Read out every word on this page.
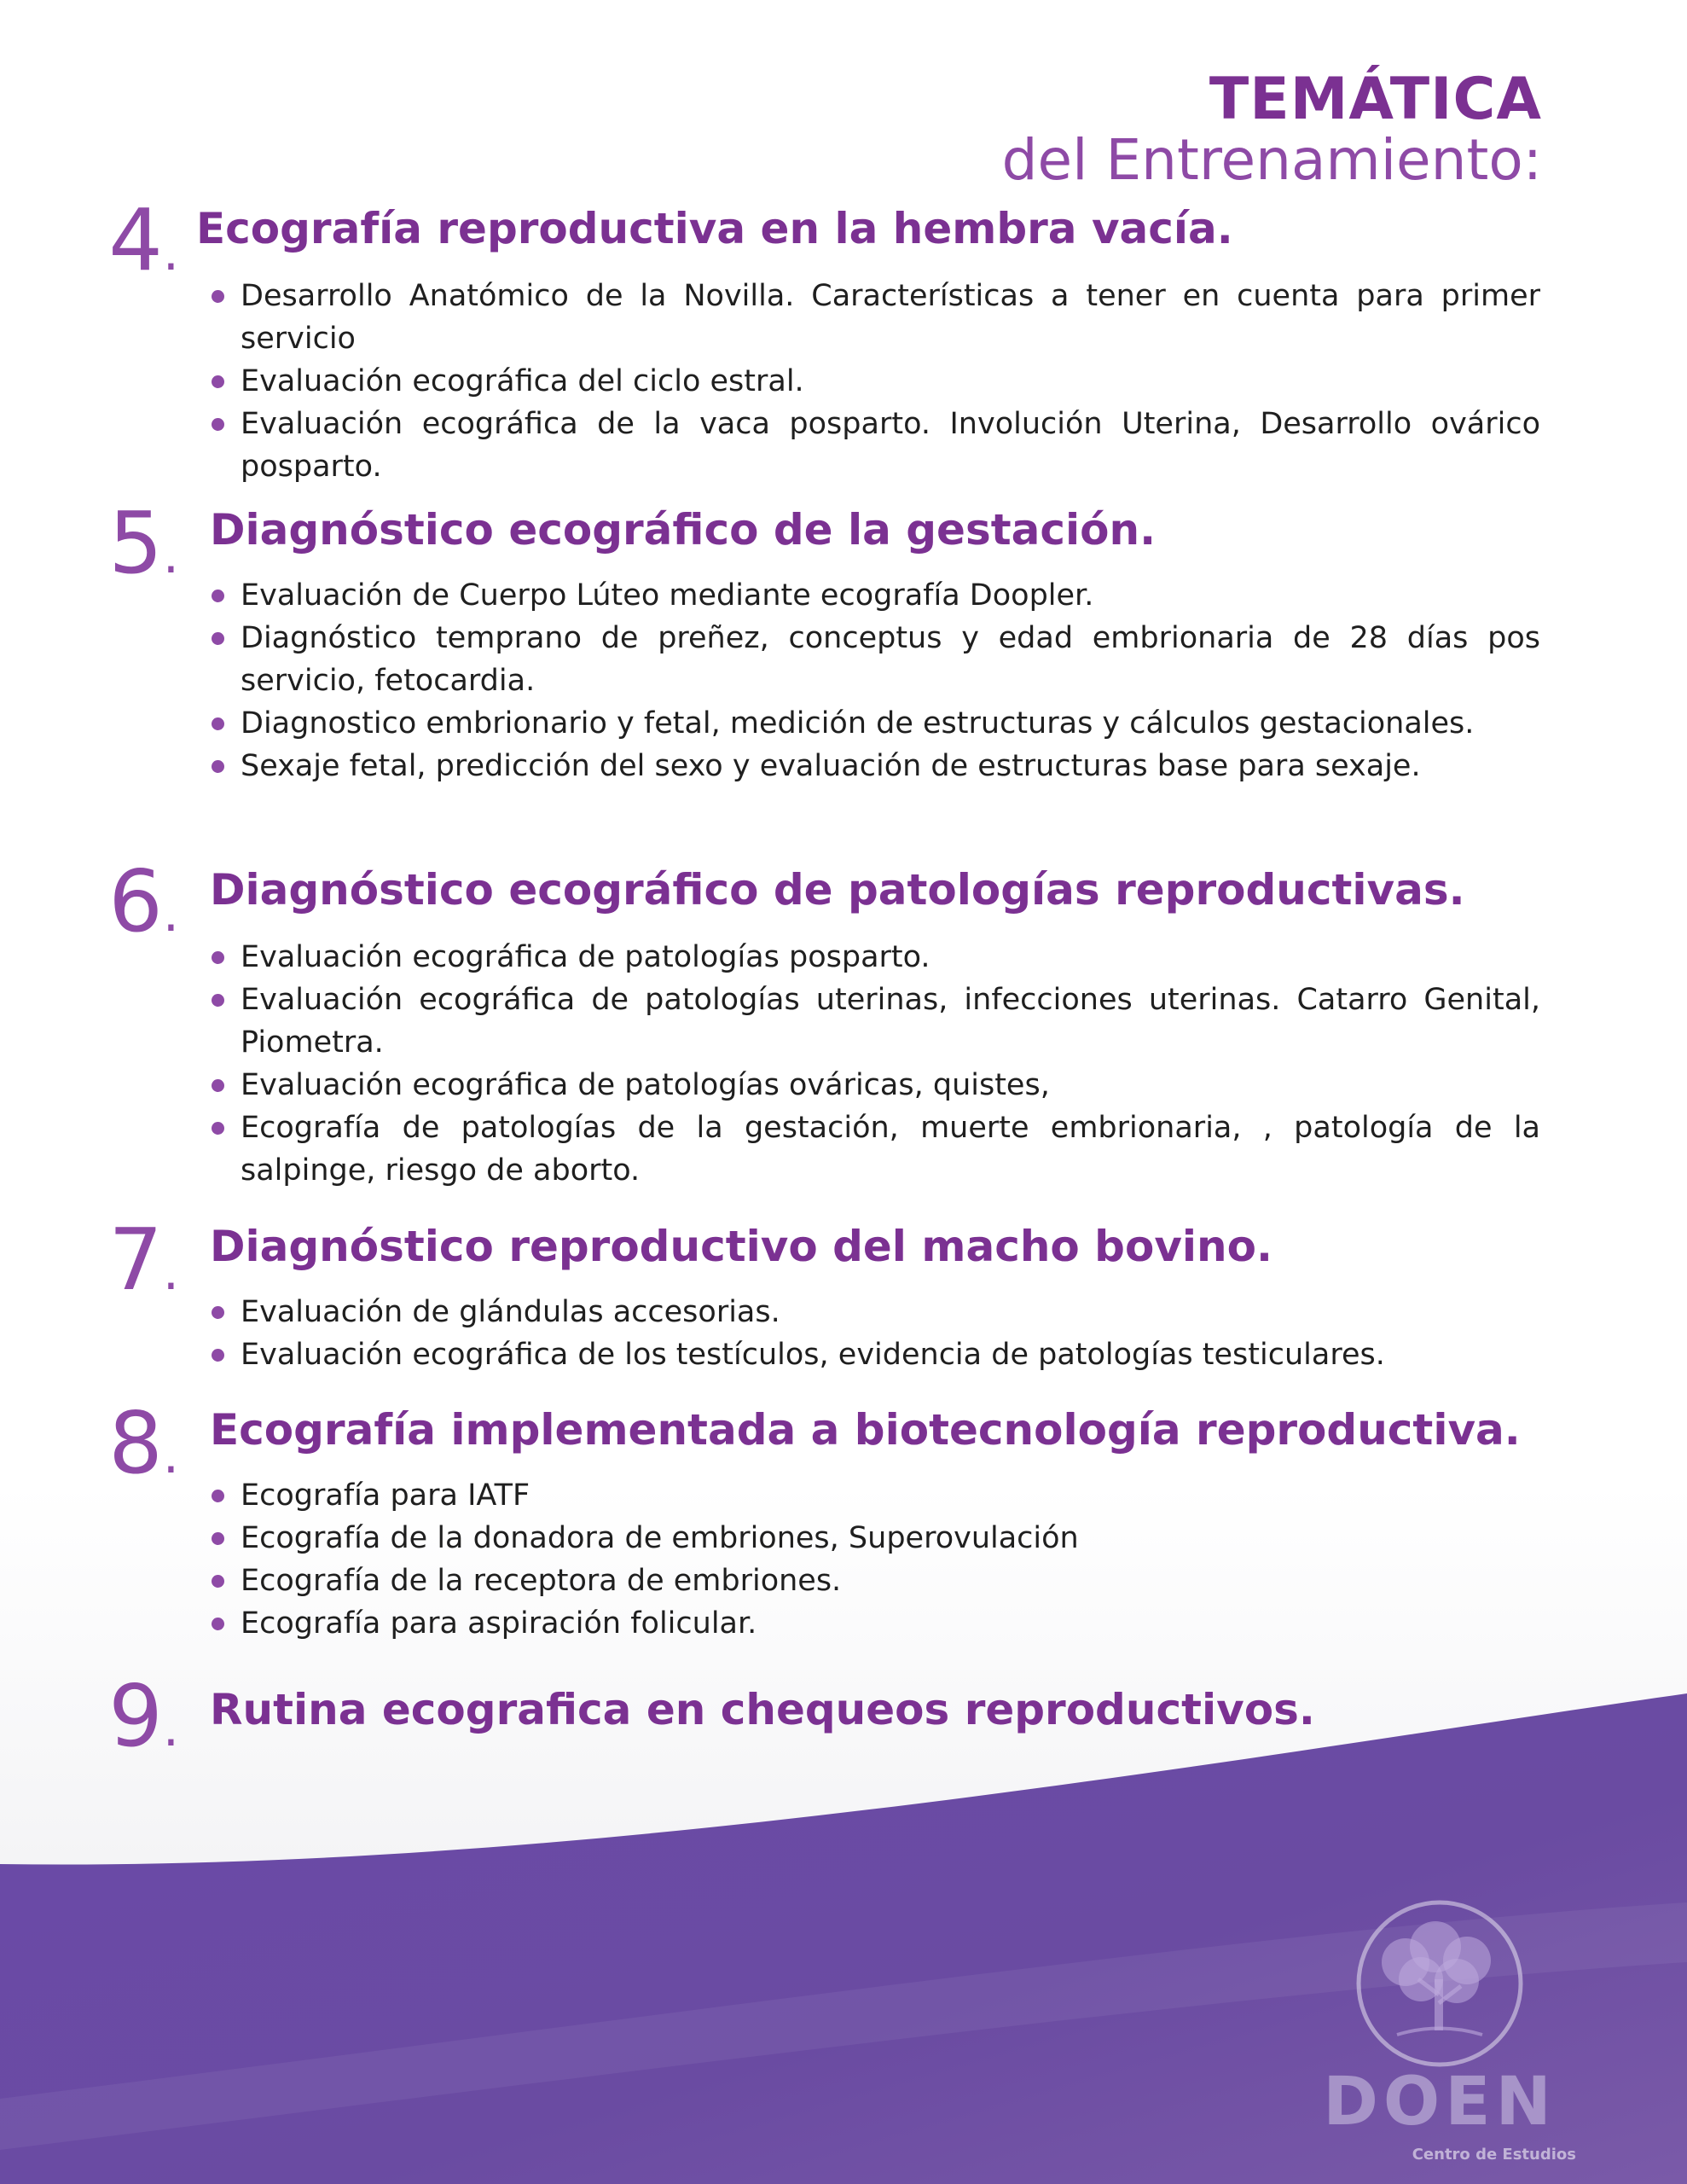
TEMÁTICA
del Entrenamiento:
4. Ecografía reproductiva en la hembra vacía.
Desarrollo Anatómico de la Novilla. Características a tener en cuenta para primer servicio
Evaluación ecográfica del ciclo estral.
Evaluación ecográfica de la vaca posparto. Involución Uterina, Desarrollo ovárico posparto.
5. Diagnóstico ecográfico de la gestación.
Evaluación de Cuerpo Lúteo mediante ecografía Doopler.
Diagnóstico temprano de preñez, conceptus y edad embrionaria de 28 días pos servicio, fetocardia.
Diagnostico embrionario y fetal, medición de estructuras y cálculos gestacionales.
Sexaje fetal, predicción del sexo y evaluación de estructuras base para sexaje.
6. Diagnóstico ecográfico de patologías reproductivas.
Evaluación ecográfica de patologías posparto.
Evaluación ecográfica de patologías uterinas, infecciones uterinas. Catarro Genital, Piometra.
Evaluación ecográfica de patologías ováricas, quistes,
Ecografía de patologías de la gestación, muerte embrionaria, , patología de la salpinge, riesgo de aborto.
7. Diagnóstico reproductivo del macho bovino.
Evaluación de glándulas accesorias.
Evaluación ecográfica de los testículos, evidencia de patologías testiculares.
8. Ecografía implementada a biotecnología reproductiva.
Ecografía para IATF
Ecografía de la donadora de embriones, Superovulación
Ecografía de la receptora de embriones.
Ecografía para aspiración folicular.
9. Rutina ecografica en chequeos reproductivos.
DOEN
Centro de Estudios
